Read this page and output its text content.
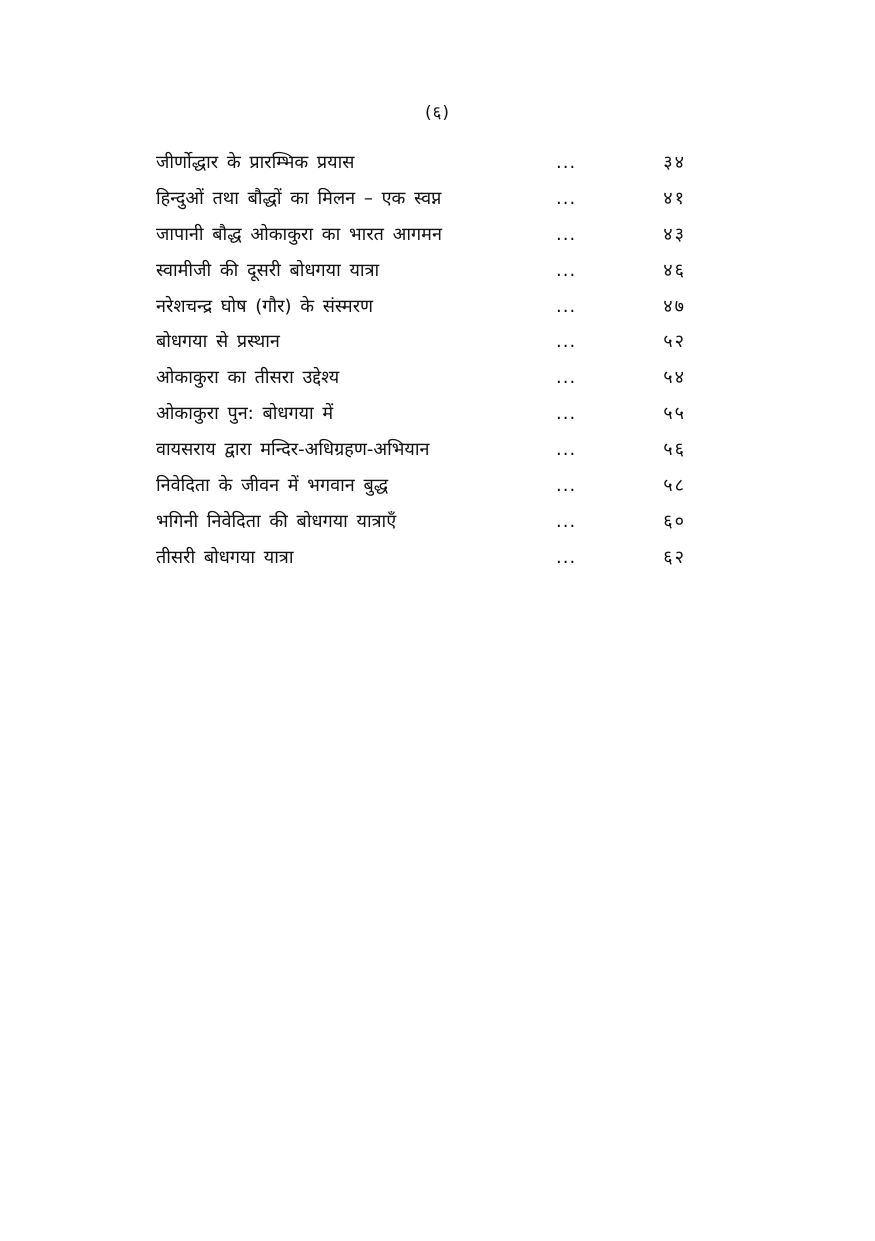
(६)
जीर्णोद्धार के प्रारम्भिक प्रयास	...	३४
हिन्दुओं तथा बौद्धों का मिलन – एक स्वप्न	...	४१
जापानी बौद्ध ओकाकुरा का भारत आगमन	...	४३
स्वामीजी की दूसरी बोधगया यात्रा	...	४६
नरेशचन्द्र घोष (गौर) के संस्मरण	...	४७
बोधगया से प्रस्थान	...	५२
ओकाकुरा का तीसरा उद्देश्य	...	५४
ओकाकुरा पुन: बोधगया में	...	५५
वायसराय द्वारा मन्दिर-अधिग्रहण-अभियान	...	५६
निवेदिता के जीवन में भगवान बुद्ध	...	५८
भगिनी निवेदिता की बोधगया यात्राएँ	...	६०
तीसरी बोधगया यात्रा	...	६२
